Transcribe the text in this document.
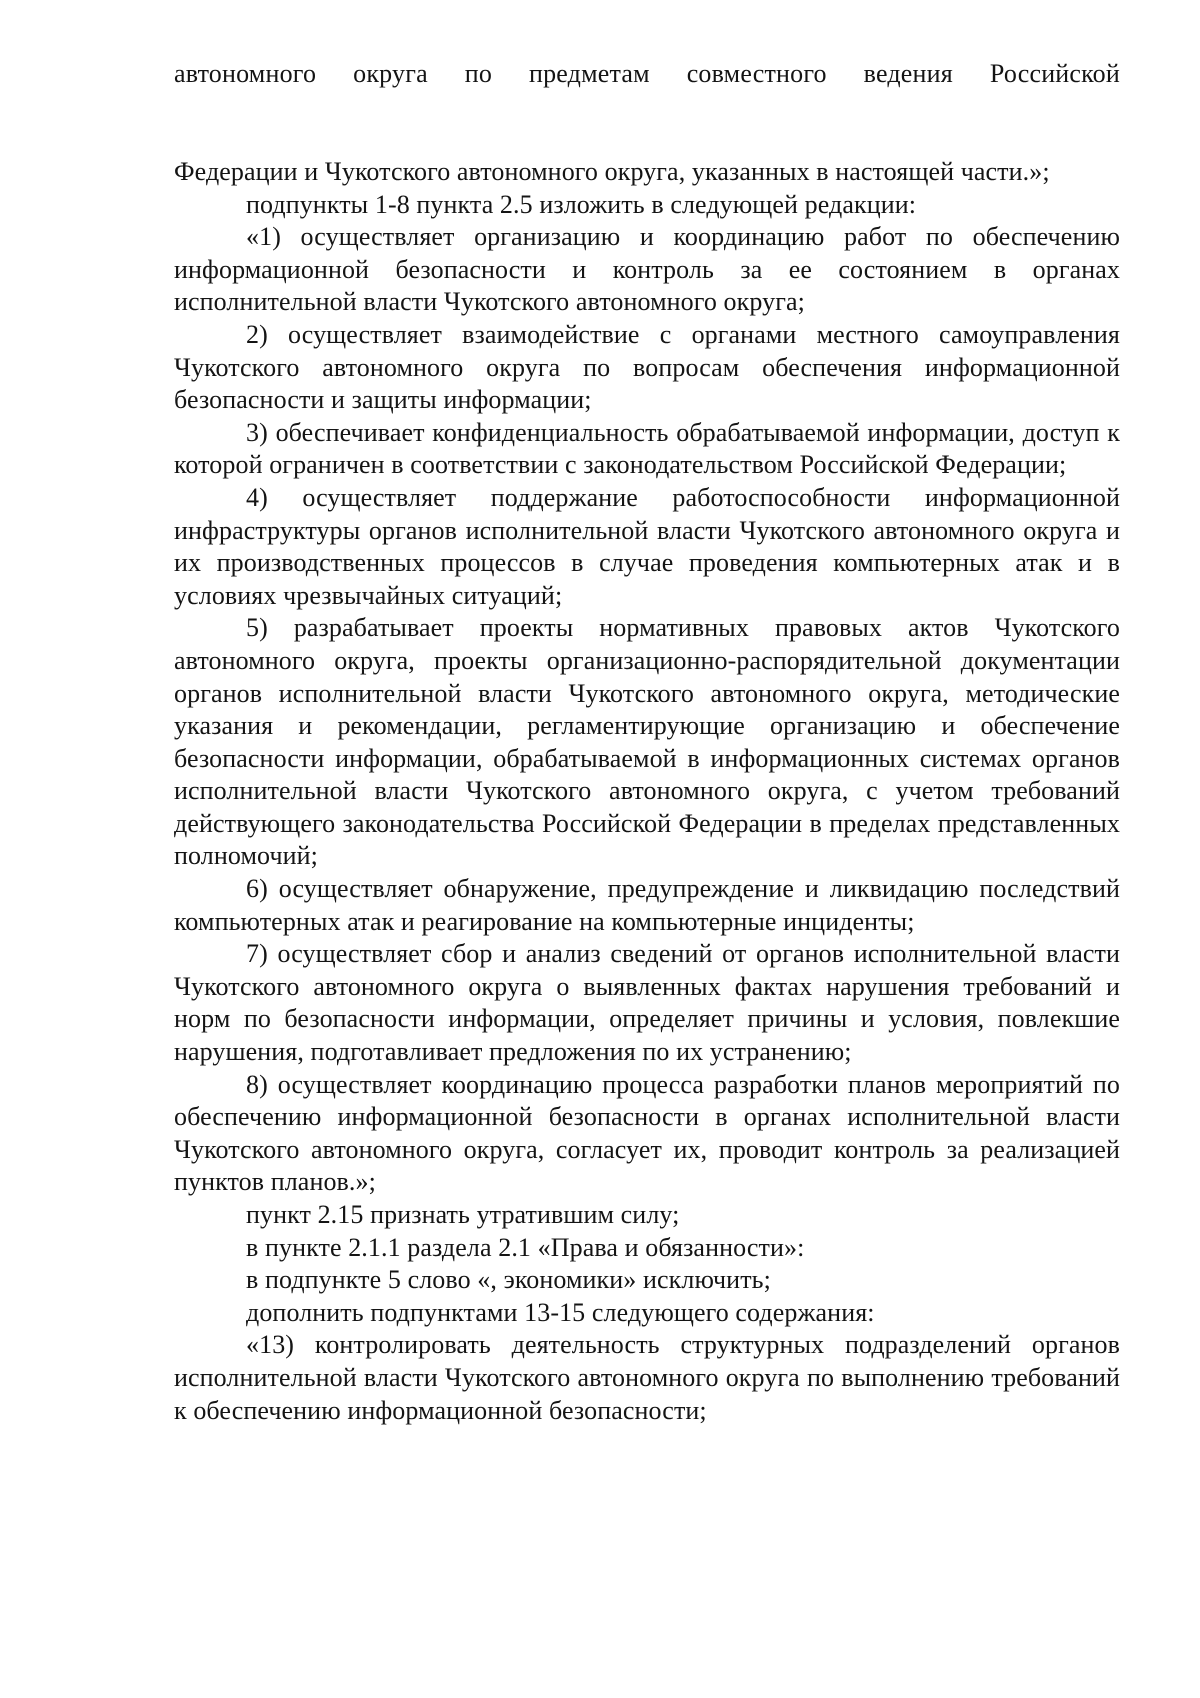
автономного округа по предметам совместного ведения Российской

Федерации и Чукотского автономного округа, указанных в настоящей части.»;

подпункты 1-8 пункта 2.5 изложить в следующей редакции:

«1) осуществляет организацию и координацию работ по обеспечению информационной безопасности и контроль за ее состоянием в органах исполнительной власти Чукотского автономного округа;

2) осуществляет взаимодействие с органами местного самоуправления Чукотского автономного округа по вопросам обеспечения информационной безопасности и защиты информации;

3) обеспечивает конфиденциальность обрабатываемой информации, доступ к которой ограничен в соответствии с законодательством Российской Федерации;

4) осуществляет поддержание работоспособности информационной инфраструктуры органов исполнительной власти Чукотского автономного округа и их производственных процессов в случае проведения компьютерных атак и в условиях чрезвычайных ситуаций;

5) разрабатывает проекты нормативных правовых актов Чукотского автономного округа, проекты организационно-распорядительной документации органов исполнительной власти Чукотского автономного округа, методические указания и рекомендации, регламентирующие организацию и обеспечение безопасности информации, обрабатываемой в информационных системах органов исполнительной власти Чукотского автономного округа, с учетом требований действующего законодательства Российской Федерации в пределах представленных полномочий;

6) осуществляет обнаружение, предупреждение и ликвидацию последствий компьютерных атак и реагирование на компьютерные инциденты;

7) осуществляет сбор и анализ сведений от органов исполнительной власти Чукотского автономного округа о выявленных фактах нарушения требований и норм по безопасности информации, определяет причины и условия, повлекшие нарушения, подготавливает предложения по их устранению;

8) осуществляет координацию процесса разработки планов мероприятий по обеспечению информационной безопасности в органах исполнительной власти Чукотского автономного округа, согласует их, проводит контроль за реализацией пунктов планов.»;

пункт 2.15 признать утратившим силу;

в пункте 2.1.1 раздела 2.1 «Права и обязанности»:

в подпункте 5 слово «, экономики» исключить;

дополнить подпунктами 13-15 следующего содержания:

«13) контролировать деятельность структурных подразделений органов исполнительной власти Чукотского автономного округа по выполнению требований к обеспечению информационной безопасности;
